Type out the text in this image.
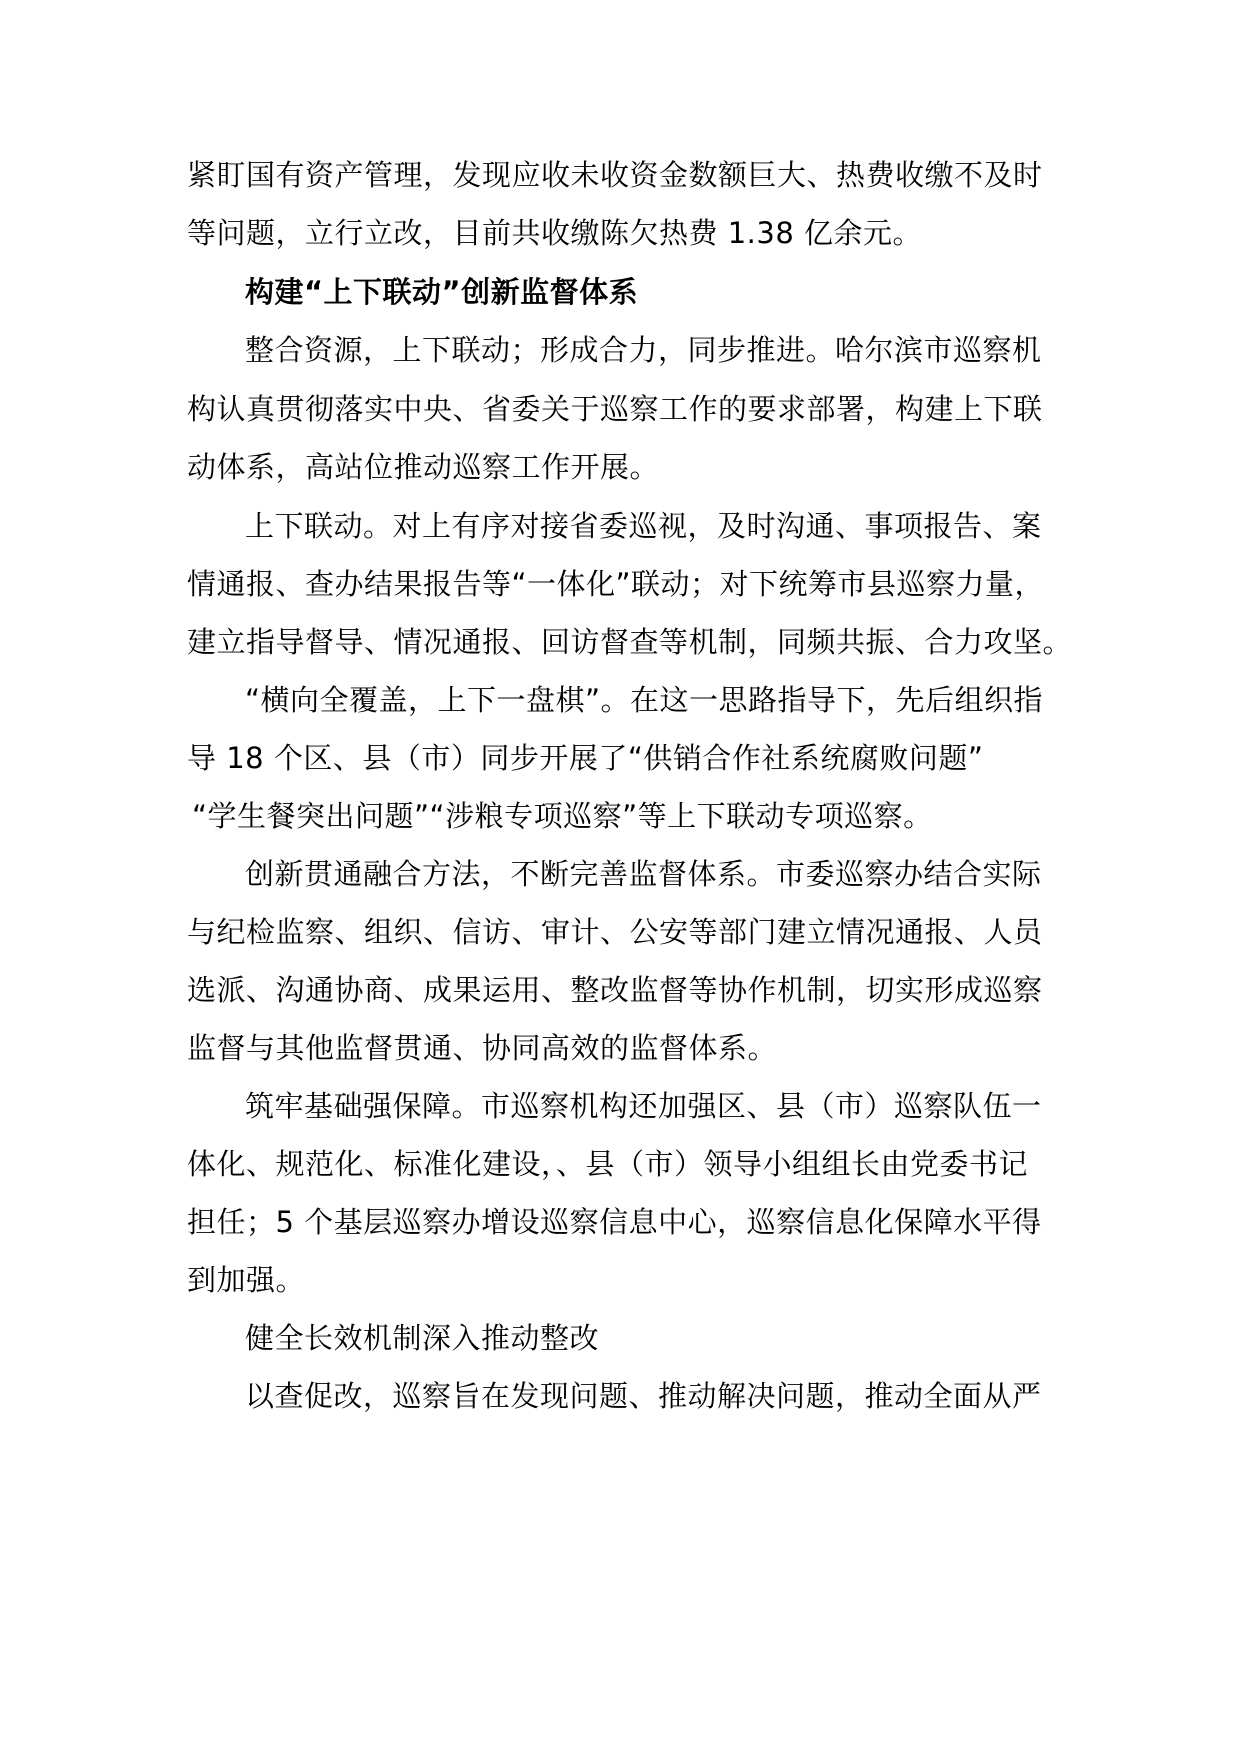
紧盯国有资产管理，发现应收未收资金数额巨大、热费收缴不及时
等问题，立行立改，目前共收缴陈欠热费 1.38 亿余元。
构建“上下联动”创新监督体系
整合资源，上下联动；形成合力，同步推进。哈尔滨市巡察机
构认真贯彻落实中央、省委关于巡察工作的要求部署，构建上下联
动体系，高站位推动巡察工作开展。
上下联动。对上有序对接省委巡视，及时沟通、事项报告、案
情通报、查办结果报告等“一体化”联动；对下统筹市县巡察力量，
建立指导督导、情况通报、回访督查等机制，同频共振、合力攻坚。
“横向全覆盖，上下一盘棋”。在这一思路指导下，先后组织指
导 18 个区、县（市）同步开展了“供销合作社系统腐败问题”
“学生餐突出问题”“涉粮专项巡察”等上下联动专项巡察。
创新贯通融合方法，不断完善监督体系。市委巡察办结合实际
与纪检监察、组织、信访、审计、公安等部门建立情况通报、人员
选派、沟通协商、成果运用、整改监督等协作机制，切实形成巡察
监督与其他监督贯通、协同高效的监督体系。
筑牢基础强保障。市巡察机构还加强区、县（市）巡察队伍一
体化、规范化、标准化建设，、县（市）领导小组组长由党委书记
担任；5 个基层巡察办增设巡察信息中心，巡察信息化保障水平得
到加强。
健全长效机制深入推动整改
以查促改，巡察旨在发现问题、推动解决问题，推动全面从严
